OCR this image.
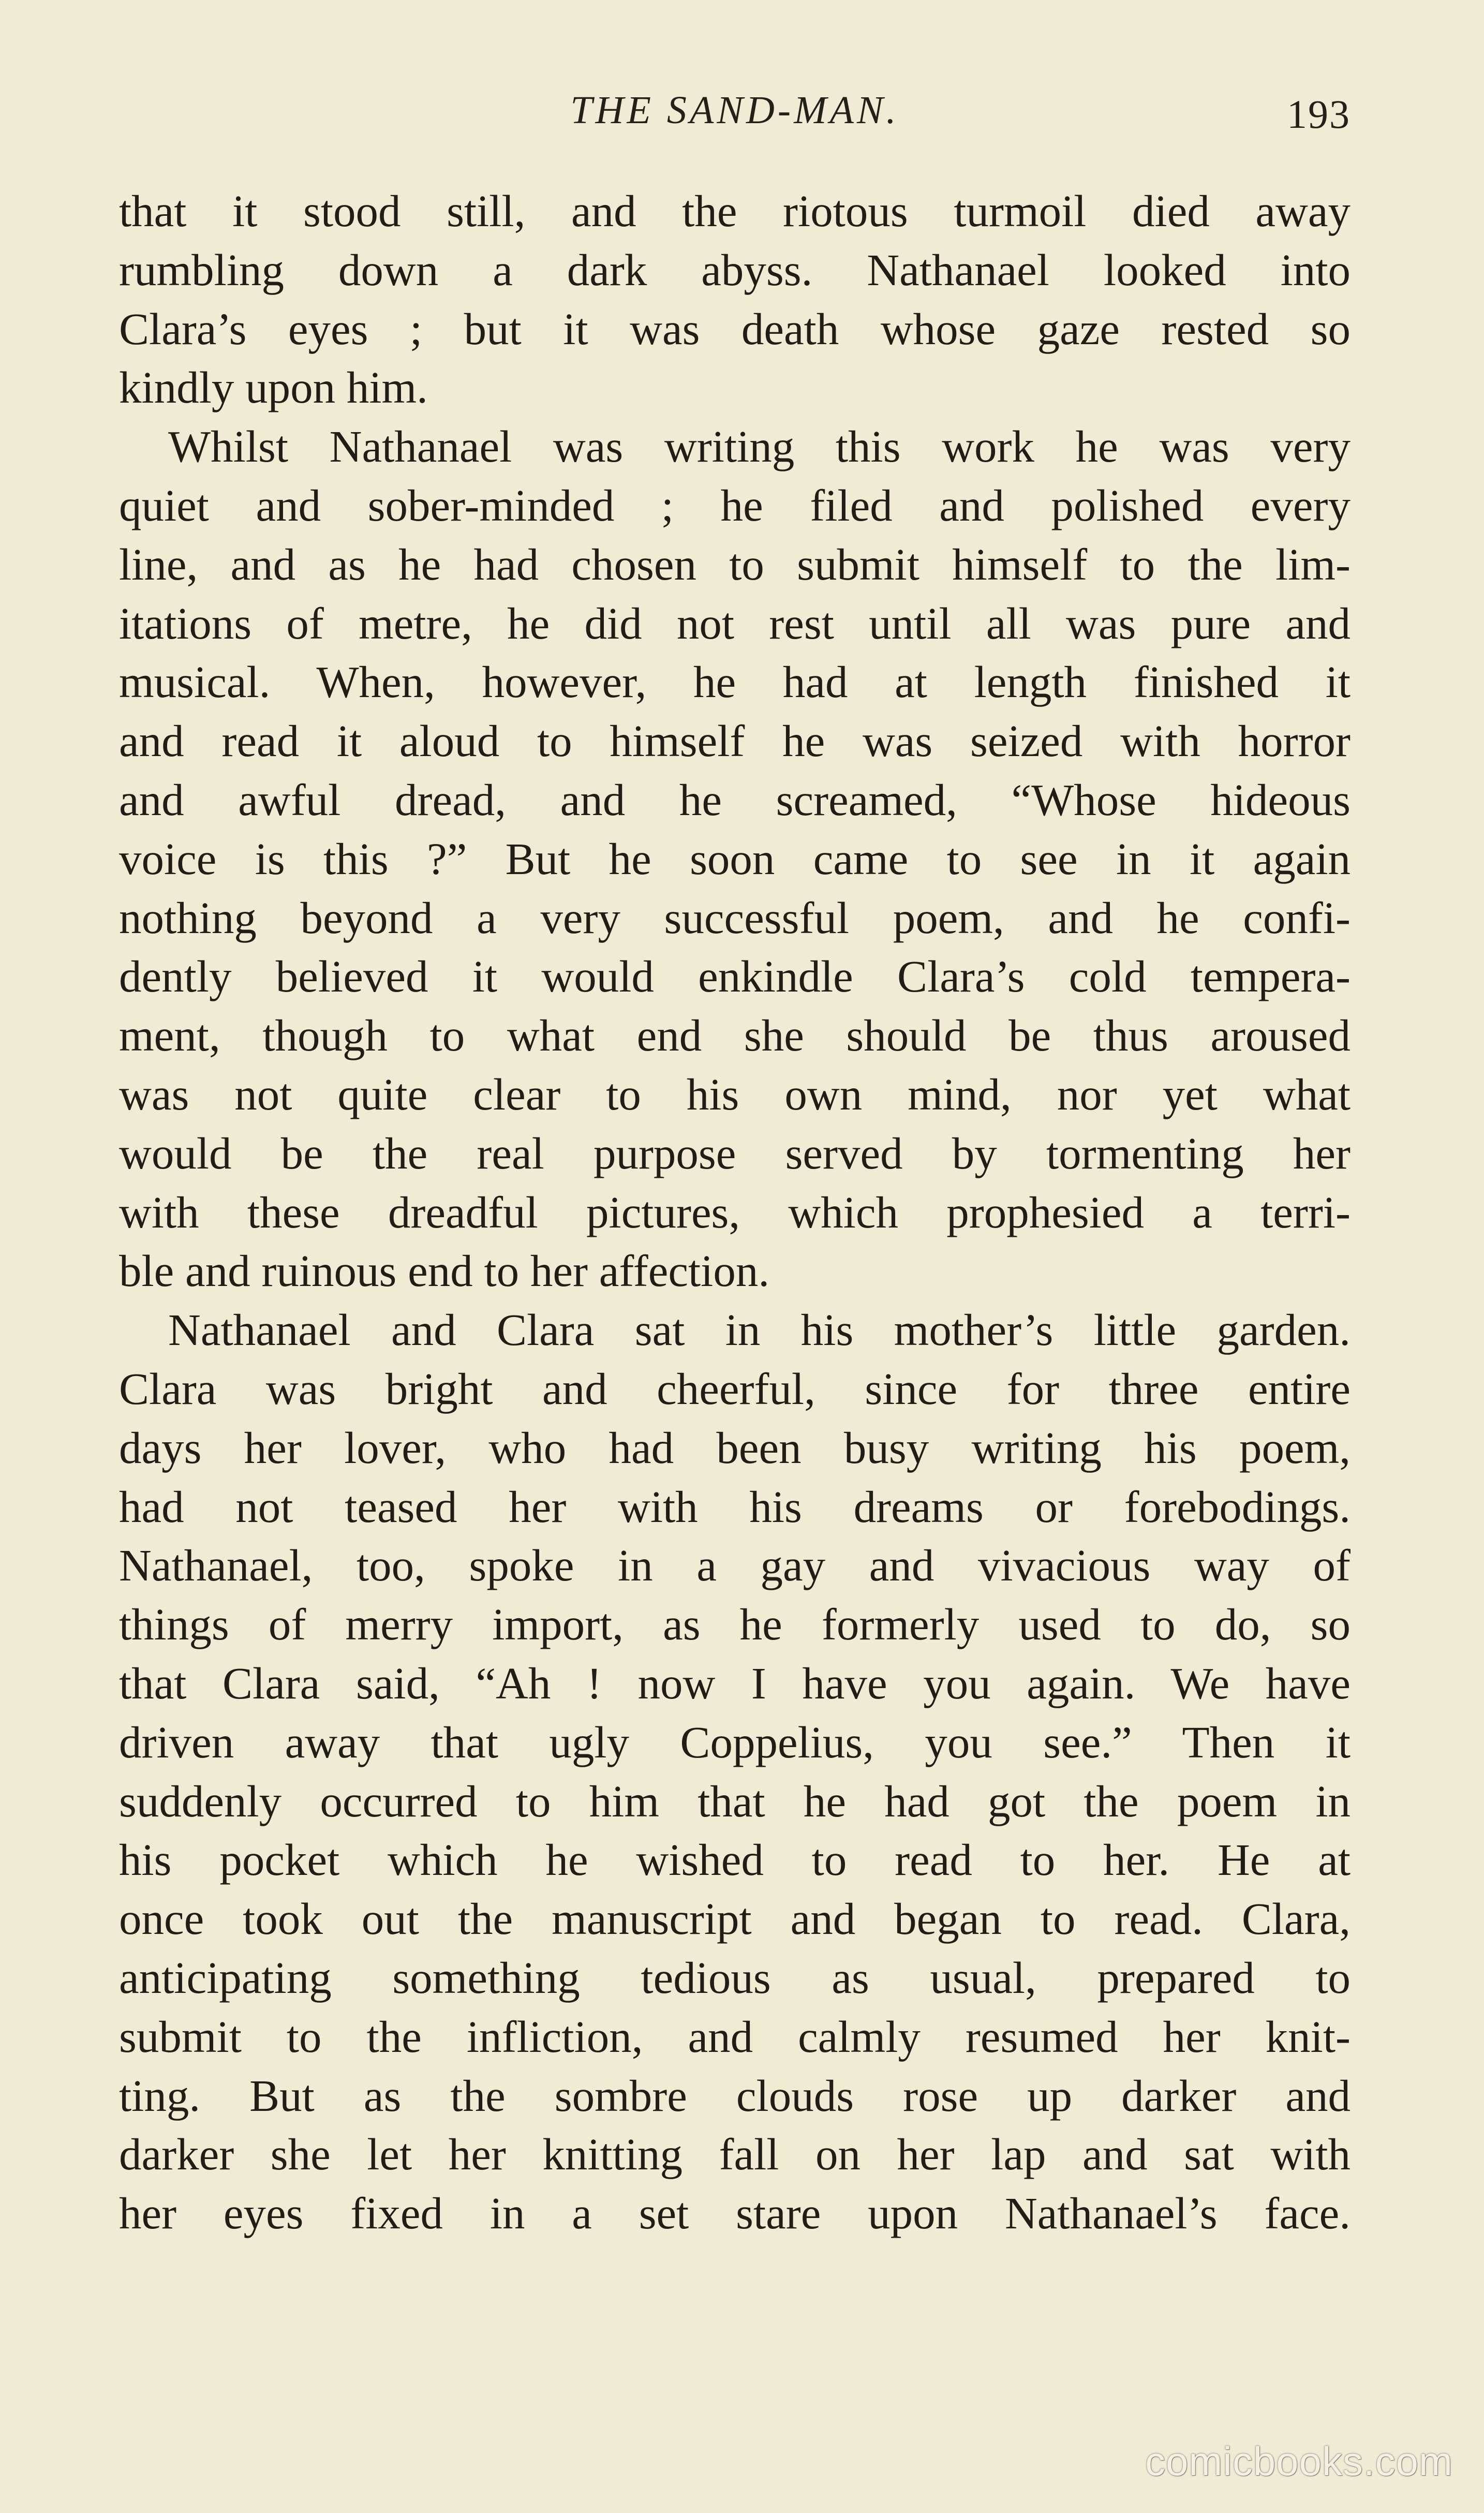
THE SAND-MAN.	193
that it stood still, and the riotous turmoil died away
rumbling down a dark abyss. Nathanael looked into
Clara’s eyes ; but it was death whose gaze rested so
kindly upon him.
Whilst Nathanael was writing this work he was very
quiet and sober-minded ; he filed and polished every
line, and as he had chosen to submit himself to the lim-
itations of metre, he did not rest until all was pure and
musical. When, however, he had at length finished it
and read it aloud to himself he was seized with horror
and awful dread, and he screamed, “Whose hideous
voice is this ?” But he soon came to see in it again
nothing beyond a very successful poem, and he confi-
dently believed it would enkindle Clara’s cold tempera-
ment, though to what end she should be thus aroused
was not quite clear to his own mind, nor yet what
would be the real purpose served by tormenting her
with these dreadful pictures, which prophesied a terri-
ble and ruinous end to her affection.
Nathanael and Clara sat in his mother’s little garden.
Clara was bright and cheerful, since for three entire
days her lover, who had been busy writing his poem,
had not teased her with his dreams or forebodings.
Nathanael, too, spoke in a gay and vivacious way of
things of merry import, as he formerly used to do, so
that Clara said, “Ah ! now I have you again. We have
driven away that ugly Coppelius, you see.” Then it
suddenly occurred to him that he had got the poem in
his pocket which he wished to read to her. He at
once took out the manuscript and began to read. Clara,
anticipating something tedious as usual, prepared to
submit to the infliction, and calmly resumed her knit-
ting. But as the sombre clouds rose up darker and
darker she let her knitting fall on her lap and sat with
her eyes fixed in a set stare upon Nathanael’s face.
comicbooks.com
